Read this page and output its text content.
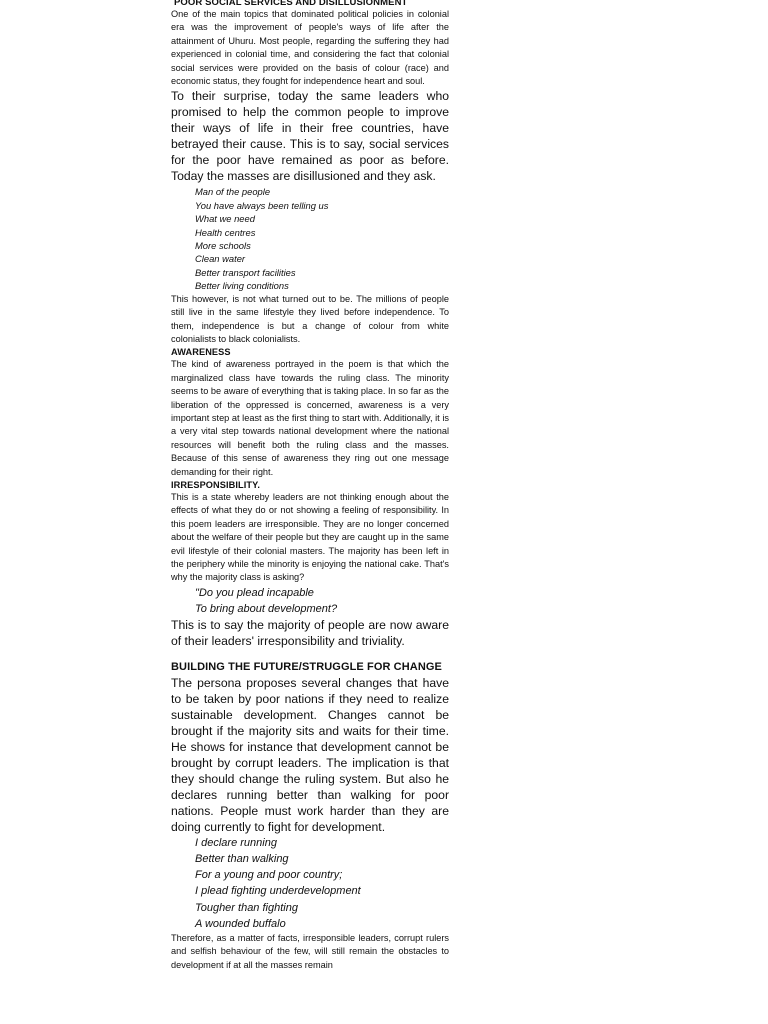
POOR SOCIAL SERVICES AND DISILLUSIONMENT

One of the main topics that dominated political policies in colonial era was the improvement of people's ways of life after the attainment of Uhuru. Most people, regarding the suffering they had experienced in colonial time, and considering the fact that colonial social services were provided on the basis of colour (race) and economic status, they fought for independence heart and soul.

To their surprise, today the same leaders who promised to help the common people to improve their ways of life in their free countries, have betrayed their cause. This is to say, social services for the poor have remained as poor as before. Today the masses are disillusioned and they ask.

Man of the people
You have always been telling us
What we need
Health centres
More schools
Clean water
Better transport facilities
Better living conditions

This however, is not what turned out to be. The millions of people still live in the same lifestyle they lived before independence. To them, independence is but a change of colour from white colonialists to black colonialists.

AWARENESS

The kind of awareness portrayed in the poem is that which the marginalized class have towards the ruling class. The minority seems to be aware of everything that is taking place. In so far as the liberation of the oppressed is concerned, awareness is a very important step at least as the first thing to start with. Additionally, it is a very vital step towards national development where the national resources will benefit both the ruling class and the masses. Because of this sense of awareness they ring out one message demanding for their right.

IRRESPONSIBILITY.

This is a state whereby leaders are not thinking enough about the effects of what they do or not showing a feeling of responsibility. In this poem leaders are irresponsible. They are no longer concerned about the welfare of their people but they are caught up in the same evil lifestyle of their colonial masters. The majority has been left in the periphery while the minority is enjoying the national cake. That's why the majority class is asking?

"Do you plead incapable
To bring about development?

This is to say the majority of people are now aware of their leaders' irresponsibility and triviality.

BUILDING THE FUTURE/STRUGGLE FOR CHANGE

The persona proposes several changes that have to be taken by poor nations if they need to realize sustainable development. Changes cannot be brought if the majority sits and waits for their time. He shows for instance that development cannot be brought by corrupt leaders. The implication is that they should change the ruling system. But also he declares running better than walking for poor nations. People must work harder than they are doing currently to fight for development.

I declare running
Better than walking
For a young and poor country;
I plead fighting underdevelopment
Tougher than fighting
A wounded buffalo

Therefore, as a matter of facts, irresponsible leaders, corrupt rulers and selfish behaviour of the few, will still remain the obstacles to development if at all the masses remain
